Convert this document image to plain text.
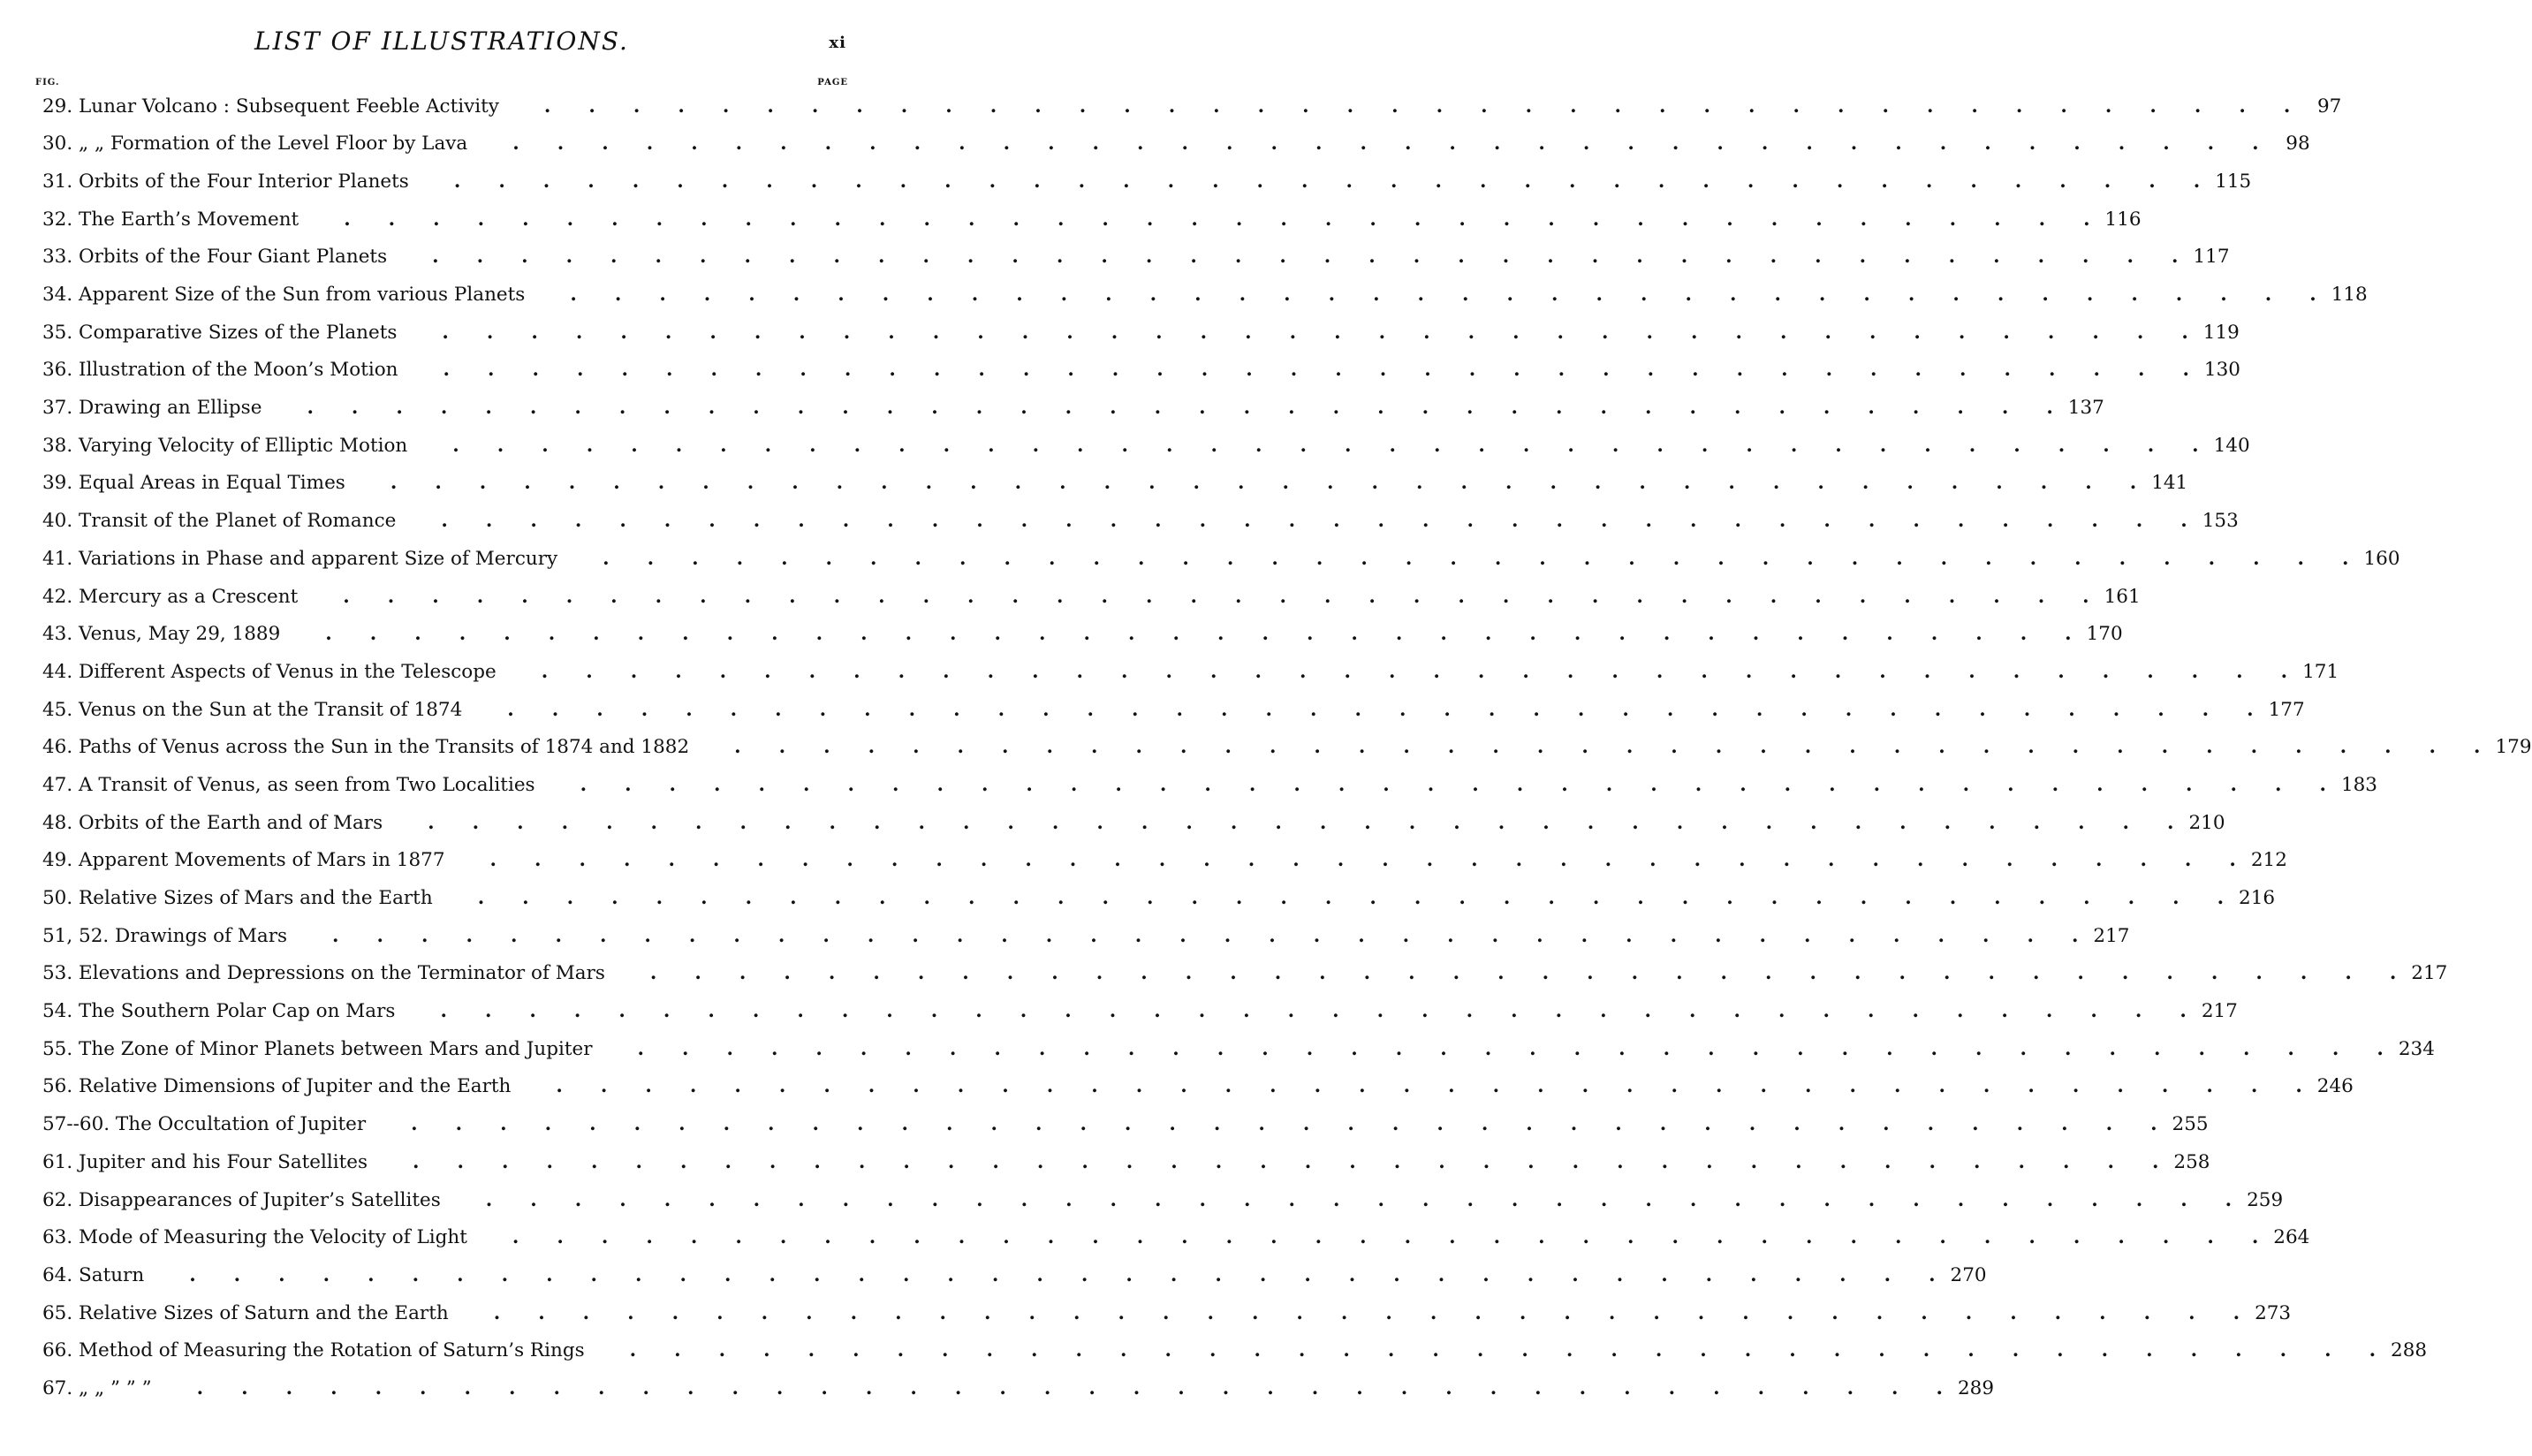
LIST OF ILLUSTRATIONS.	xi
FIG.	PAGE
29. Lunar Volcano : Subsequent Feeble Activity .  .  .  .  .  .  .  .  .  .  .  .  .  .  .  .  .  .  .  .  .  .  .  .  .  .  .  .  .  .  .  .  .  .  .  .  .  .  .  .  	97
30. „ „ Formation of the Level Floor by Lava .  .  .  .  .  .  .  .  .  .  .  .  .  .  .  .  .  .  .  .  .  .  .  .  .  .  .  .  .  .  .  .  .  .  .  .  .  .  .  .  	98
31. Orbits of the Four Interior Planets .  .  .  .  .  .  .  .  .  .  .  .  .  .  .  .  .  .  .  .  .  .  .  .  .  .  .  .  .  .  .  .  .  .  .  .  .  .  .  .   115
32. The Earth’s Movement .  .  .  .  .  .  .  .  .  .  .  .  .  .  .  .  .  .  .  .  .  .  .  .  .  .  .  .  .  .  .  .  .  .  .  .  .  .  .  .   116
33. Orbits of the Four Giant Planets .  .  .  .  .  .  .  .  .  .  .  .  .  .  .  .  .  .  .  .  .  .  .  .  .  .  .  .  .  .  .  .  .  .  .  .  .  .  .  .   117
34. Apparent Size of the Sun from various Planets .  .  .  .  .  .  .  .  .  .  .  .  .  .  .  .  .  .  .  .  .  .  .  .  .  .  .  .  .  .  .  .  .  .  .  .  .  .  .  .   118
35. Comparative Sizes of the Planets .  .  .  .  .  .  .  .  .  .  .  .  .  .  .  .  .  .  .  .  .  .  .  .  .  .  .  .  .  .  .  .  .  .  .  .  .  .  .  .   119
36. Illustration of the Moon’s Motion .  .  .  .  .  .  .  .  .  .  .  .  .  .  .  .  .  .  .  .  .  .  .  .  .  .  .  .  .  .  .  .  .  .  .  .  .  .  .  .   130
37. Drawing an Ellipse .  .  .  .  .  .  .  .  .  .  .  .  .  .  .  .  .  .  .  .  .  .  .  .  .  .  .  .  .  .  .  .  .  .  .  .  .  .  .  .   137
38. Varying Velocity of Elliptic Motion .  .  .  .  .  .  .  .  .  .  .  .  .  .  .  .  .  .  .  .  .  .  .  .  .  .  .  .  .  .  .  .  .  .  .  .  .  .  .  .   140
39. Equal Areas in Equal Times .  .  .  .  .  .  .  .  .  .  .  .  .  .  .  .  .  .  .  .  .  .  .  .  .  .  .  .  .  .  .  .  .  .  .  .  .  .  .  .   141
40. Transit of the Planet of Romance .  .  .  .  .  .  .  .  .  .  .  .  .  .  .  .  .  .  .  .  .  .  .  .  .  .  .  .  .  .  .  .  .  .  .  .  .  .  .  .   153
41. Variations in Phase and apparent Size of Mercury .  .  .  .  .  .  .  .  .  .  .  .  .  .  .  .  .  .  .  .  .  .  .  .  .  .  .  .  .  .  .  .  .  .  .  .  .  .  .  .   160
42. Mercury as a Crescent .  .  .  .  .  .  .  .  .  .  .  .  .  .  .  .  .  .  .  .  .  .  .  .  .  .  .  .  .  .  .  .  .  .  .  .  .  .  .  .   161
43. Venus, May 29, 1889 .  .  .  .  .  .  .  .  .  .  .  .  .  .  .  .  .  .  .  .  .  .  .  .  .  .  .  .  .  .  .  .  .  .  .  .  .  .  .  .   170
44. Different Aspects of Venus in the Telescope .  .  .  .  .  .  .  .  .  .  .  .  .  .  .  .  .  .  .  .  .  .  .  .  .  .  .  .  .  .  .  .  .  .  .  .  .  .  .  .   171
45. Venus on the Sun at the Transit of 1874 .  .  .  .  .  .  .  .  .  .  .  .  .  .  .  .  .  .  .  .  .  .  .  .  .  .  .  .  .  .  .  .  .  .  .  .  .  .  .  .   177
46. Paths of Venus across the Sun in the Transits of 1874 and 1882 .  .  .  .  .  .  .  .  .  .  .  .  .  .  .  .  .  .  .  .  .  .  .  .  .  .  .  .  .  .  .  .  .  .  .  .  .  .  .  .   179
47. A Transit of Venus, as seen from Two Localities .  .  .  .  .  .  .  .  .  .  .  .  .  .  .  .  .  .  .  .  .  .  .  .  .  .  .  .  .  .  .  .  .  .  .  .  .  .  .  .   183
48. Orbits of the Earth and of Mars .  .  .  .  .  .  .  .  .  .  .  .  .  .  .  .  .  .  .  .  .  .  .  .  .  .  .  .  .  .  .  .  .  .  .  .  .  .  .  .   210
49. Apparent Movements of Mars in 1877 .  .  .  .  .  .  .  .  .  .  .  .  .  .  .  .  .  .  .  .  .  .  .  .  .  .  .  .  .  .  .  .  .  .  .  .  .  .  .  .   212
50. Relative Sizes of Mars and the Earth .  .  .  .  .  .  .  .  .  .  .  .  .  .  .  .  .  .  .  .  .  .  .  .  .  .  .  .  .  .  .  .  .  .  .  .  .  .  .  .   216
51, 52. Drawings of Mars .  .  .  .  .  .  .  .  .  .  .  .  .  .  .  .  .  .  .  .  .  .  .  .  .  .  .  .  .  .  .  .  .  .  .  .  .  .  .  .   217
53. Elevations and Depressions on the Terminator of Mars .  .  .  .  .  .  .  .  .  .  .  .  .  .  .  .  .  .  .  .  .  .  .  .  .  .  .  .  .  .  .  .  .  .  .  .  .  .  .  .   217
54. The Southern Polar Cap on Mars .  .  .  .  .  .  .  .  .  .  .  .  .  .  .  .  .  .  .  .  .  .  .  .  .  .  .  .  .  .  .  .  .  .  .  .  .  .  .  .   217
55. The Zone of Minor Planets between Mars and Jupiter .  .  .  .  .  .  .  .  .  .  .  .  .  .  .  .  .  .  .  .  .  .  .  .  .  .  .  .  .  .  .  .  .  .  .  .  .  .  .  .   234
56. Relative Dimensions of Jupiter and the Earth .  .  .  .  .  .  .  .  .  .  .  .  .  .  .  .  .  .  .  .  .  .  .  .  .  .  .  .  .  .  .  .  .  .  .  .  .  .  .  .   246
57--60. The Occultation of Jupiter .  .  .  .  .  .  .  .  .  .  .  .  .  .  .  .  .  .  .  .  .  .  .  .  .  .  .  .  .  .  .  .  .  .  .  .  .  .  .  .   255
61. Jupiter and his Four Satellites .  .  .  .  .  .  .  .  .  .  .  .  .  .  .  .  .  .  .  .  .  .  .  .  .  .  .  .  .  .  .  .  .  .  .  .  .  .  .  .   258
62. Disappearances of Jupiter’s Satellites .  .  .  .  .  .  .  .  .  .  .  .  .  .  .  .  .  .  .  .  .  .  .  .  .  .  .  .  .  .  .  .  .  .  .  .  .  .  .  .   259
63. Mode of Measuring the Velocity of Light .  .  .  .  .  .  .  .  .  .  .  .  .  .  .  .  .  .  .  .  .  .  .  .  .  .  .  .  .  .  .  .  .  .  .  .  .  .  .  .   264
64. Saturn .  .  .  .  .  .  .  .  .  .  .  .  .  .  .  .  .  .  .  .  .  .  .  .  .  .  .  .  .  .  .  .  .  .  .  .  .  .  .  .   270
65. Relative Sizes of Saturn and the Earth .  .  .  .  .  .  .  .  .  .  .  .  .  .  .  .  .  .  .  .  .  .  .  .  .  .  .  .  .  .  .  .  .  .  .  .  .  .  .  .   273
66. Method of Measuring the Rotation of Saturn’s Rings .  .  .  .  .  .  .  .  .  .  .  .  .  .  .  .  .  .  .  .  .  .  .  .  .  .  .  .  .  .  .  .  .  .  .  .  .  .  .  .   288
67. „ „ ” ” ” .  .  .  .  .  .  .  .  .  .  .  .  .  .  .  .  .  .  .  .  .  .  .  .  .  .  .  .  .  .  .  .  .  .  .  .  .  .  .  .   289
